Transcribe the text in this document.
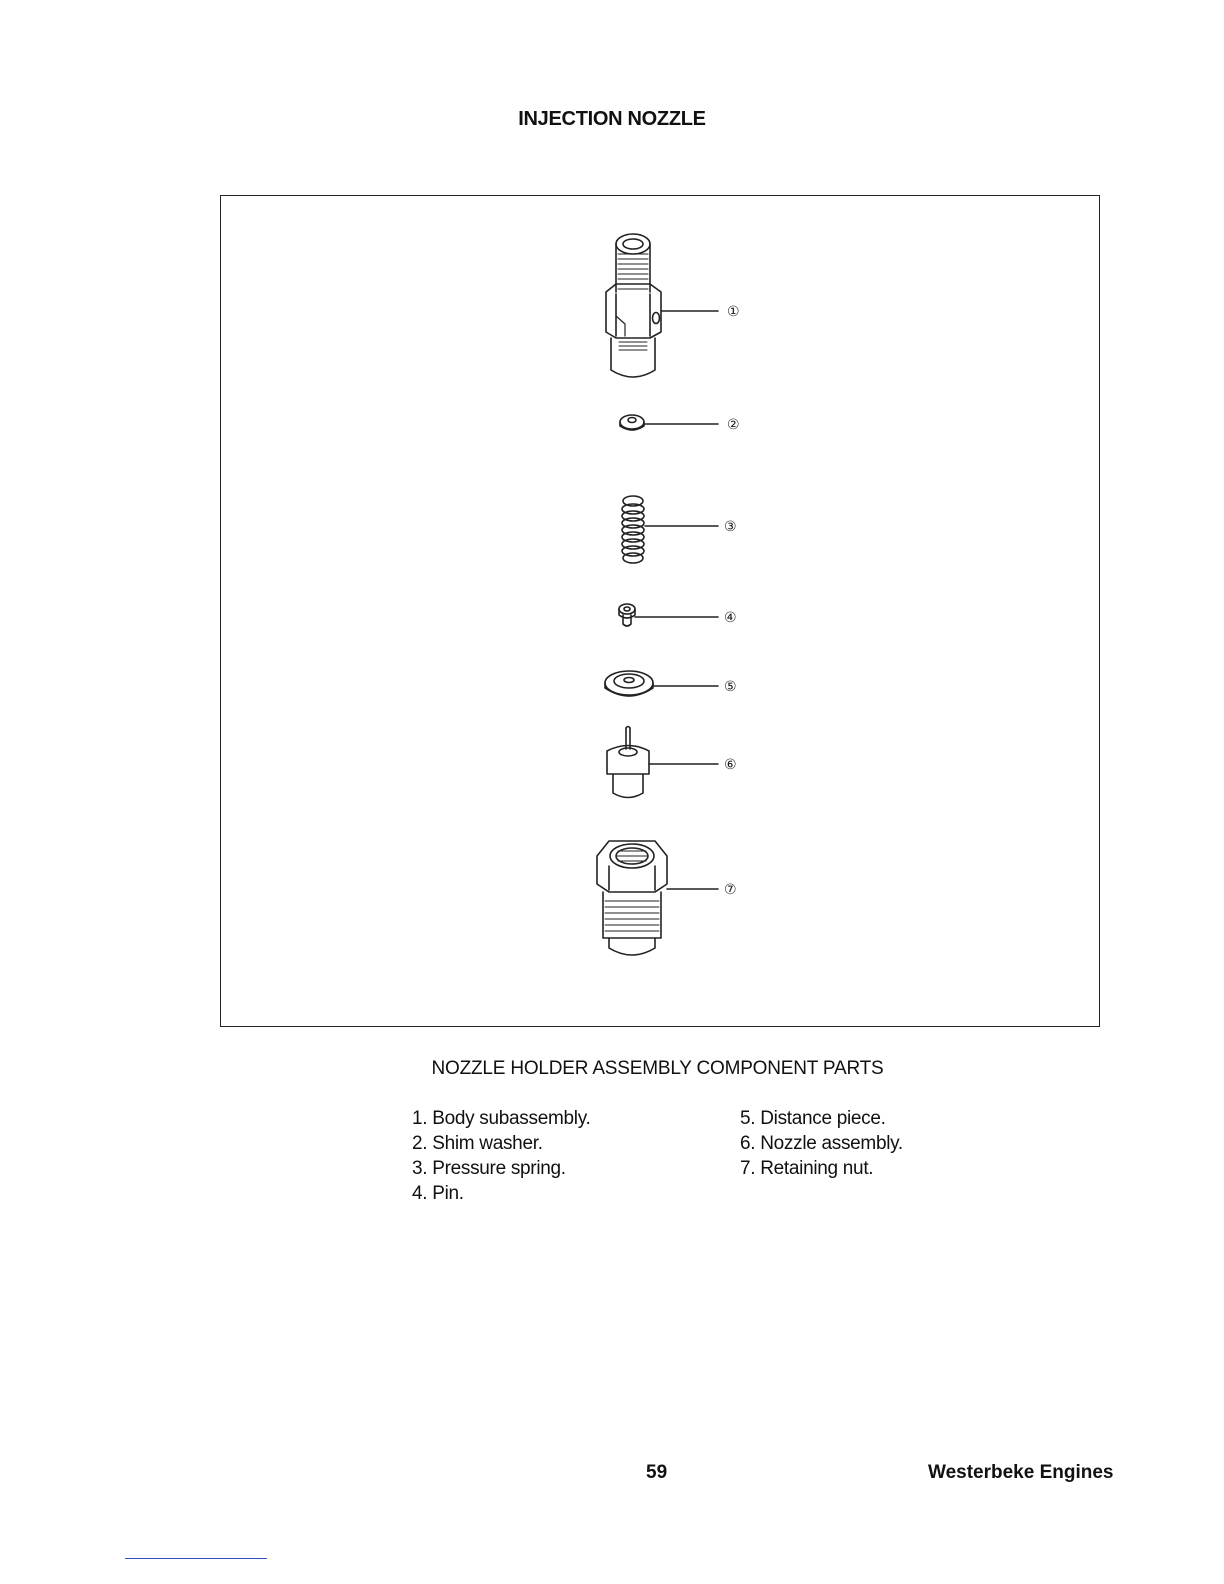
INJECTION NOZZLE
①
②
③
④
⑤
⑥
⑦
NOZZLE HOLDER ASSEMBLY COMPONENT PARTS
1. Body subassembly.
2. Shim washer.
3. Pressure spring.
4. Pin.
5. Distance piece.
6. Nozzle assembly.
7. Retaining nut.
59	Westerbeke Engines
